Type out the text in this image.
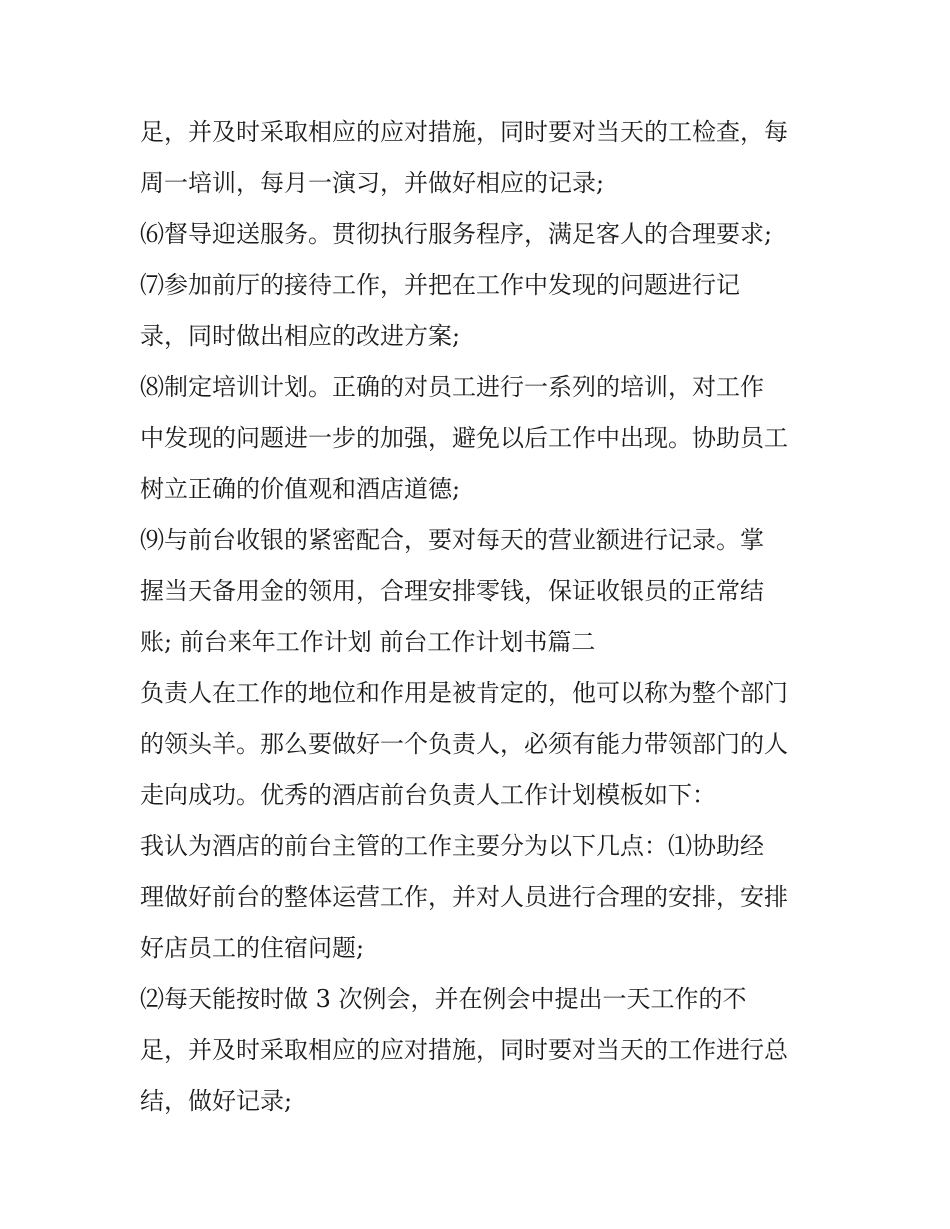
足，并及时采取相应的应对措施，同时要对当天的工检查，每
周一培训，每月一演习，并做好相应的记录;
⑹督导迎送服务。贯彻执行服务程序，满足客人的合理要求;
⑺参加前厅的接待工作，并把在工作中发现的问题进行记
录，同时做出相应的改进方案;
⑻制定培训计划。正确的对员工进行一系列的培训，对工作
中发现的问题进一步的加强，避免以后工作中出现。协助员工
树立正确的价值观和酒店道德;
⑼与前台收银的紧密配合，要对每天的营业额进行记录。掌
握当天备用金的领用，合理安排零钱，保证收银员的正常结
账; 前台来年工作计划 前台工作计划书篇二
负责人在工作的地位和作用是被肯定的，他可以称为整个部门
的领头羊。那么要做好一个负责人，必须有能力带领部门的人
走向成功。优秀的酒店前台负责人工作计划模板如下：
我认为酒店的前台主管的工作主要分为以下几点：⑴协助经
理做好前台的整体运营工作，并对人员进行合理的安排，安排
好店员工的住宿问题;
⑵每天能按时做 3 次例会，并在例会中提出一天工作的不
足，并及时采取相应的应对措施，同时要对当天的工作进行总
结，做好记录;
